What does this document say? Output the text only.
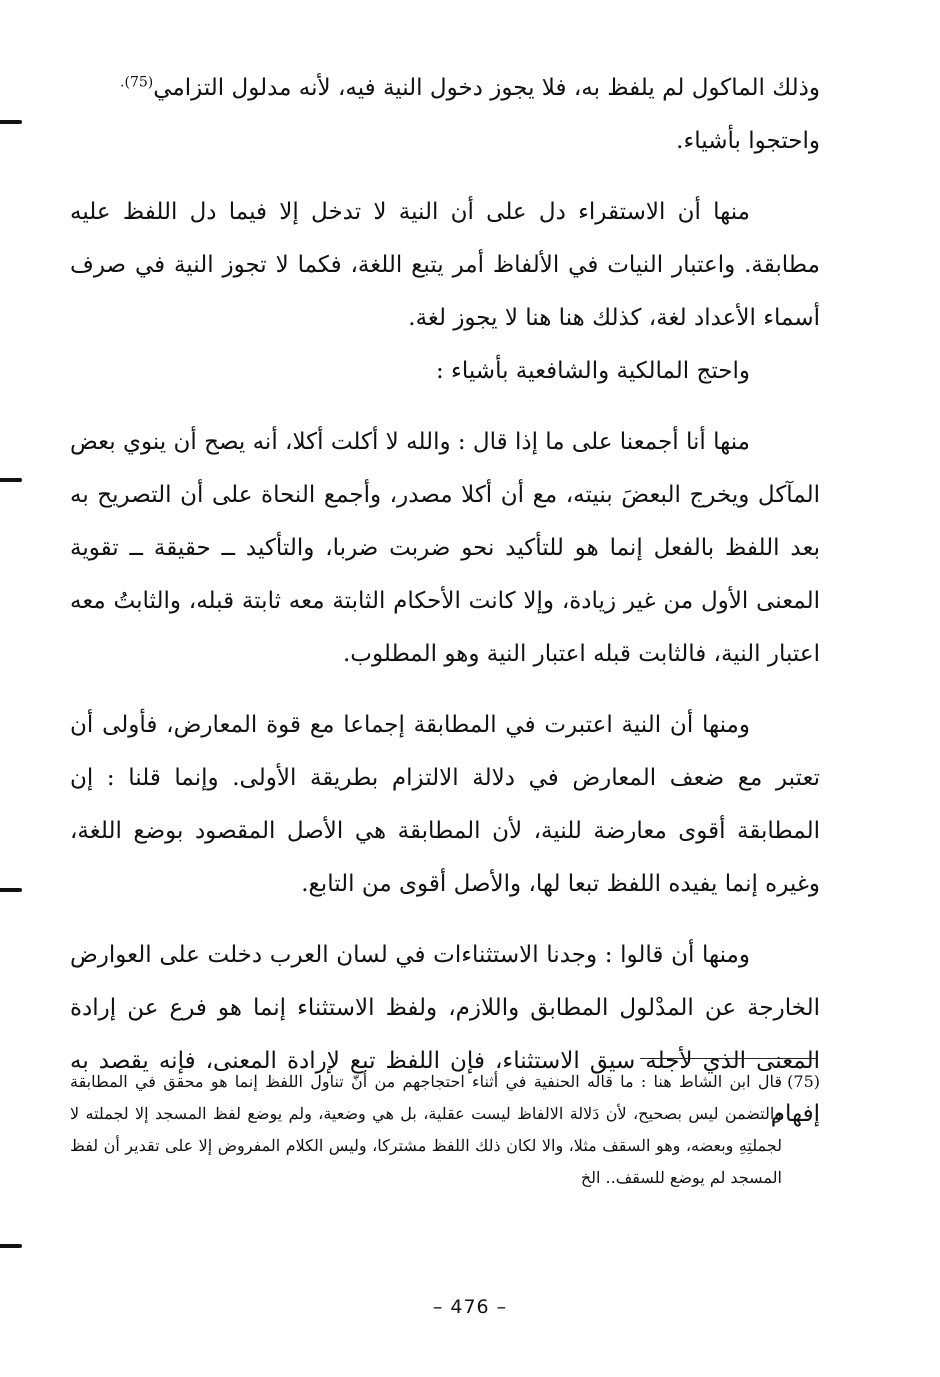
وذلك الماكول لم يلفظ به، فلا يجوز دخول النية فيه، لأنه مدلول التزامي$^{(75).}$

واحتجوا بأشياء.

منها أن الاستقراء دل على أن النية لا تدخل إلا فيما دل اللفظ عليه مطابقة. واعتبار النيات في الألفاظ أمر يتبع اللغة، فكما لا تجوز النية في صرف أسماء الأعداد لغة، كذلك هنا هنا لا يجوز لغة.

واحتج المالكية والشافعية بأشياء :

منها أنا أجمعنا على ما إذا قال : والله لا أكلت أكلا، أنه يصح أن ينوي بعض المآكل ويخرج البعضَ بنيته، مع أن أكلا مصدر، وأجمع النحاة على أن التصريح به بعد اللفظ بالفعل إنما هو للتأكيد نحو ضربت ضربا، والتأكيد ــ حقيقة ــ تقوية المعنى الأول من غير زيادة، وإلا كانت الأحكام الثابتة معه ثابتة قبله، والثابتُ معه اعتبار النية، فالثابت قبله اعتبار النية وهو المطلوب.

ومنها أن النية اعتبرت في المطابقة إجماعا مع قوة المعارض، فأولى أن تعتبر مع ضعف المعارض في دلالة الالتزام بطريقة الأولى. وإنما قلنا : إن المطابقة أقوى معارضة للنية، لأن المطابقة هي الأصل المقصود بوضع اللغة، وغيره إنما يفيده اللفظ تبعا لها، والأصل أقوى من التابع.

ومنها أن قالوا : وجدنا الاستثناءات في لسان العرب دخلت على العوارض الخارجة عن المدْلول المطابق واللازم، ولفظ الاستثناء إنما هو فرع عن إرادة المعنى الذي لأجله سيق الاستثناء، فإن اللفظ تبع لإرادة المعنى، فإنه يقصد به إفهام

(75)
قال ابن الشاط هنا : ما قاله الحنفية في أثناء احتجاجهم من أنّ تناول اللفظ إنما هو محقق في المطابقة والتضمن ليس بصحيح، لأن دَلالة الالفاظ ليست عقلية، بل هي وضعية، ولم يوضع لفظ المسجد إلا لجملته لا لجملتِهِ وبعضه، وهو السقف مثلا، والا لكان ذلك اللفظ مشتركا، وليس الكلام المفروض إلا على تقدير أن لفظ المسجد لم يوضع للسقف.. الخ

– 476 –
